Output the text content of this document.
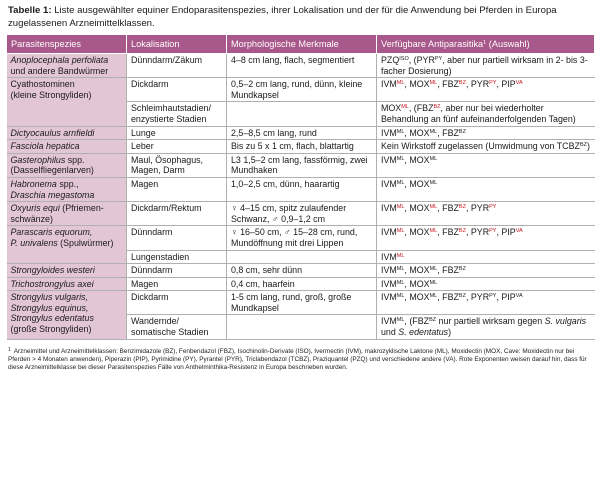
Tabelle 1: Liste ausgewählter equiner Endoparasitenspezies, ihrer Lokalisation und der für die Anwendung bei Pferden in Europa zugelassenen Arzneimittelklassen.
Parasitenspezies	Lokalisation	Morphologische Merkmale	Verfügbare Antiparasitika$^1$ (Auswahl)
Anoplocephala perfoliata
und andere Bandwürmer	Dünndarm/Zäkum	4–8 cm lang, flach, segmentiert	$PZQ^{ISO}$, ($PYR^{PY}$, aber nur partiell wirksam in 2- bis 3-facher Dosierung)
Cyathostominen
(kleine Strongyliden)	Dickdarm	0,5–2 cm lang, rund, dünn, kleine Mundkapsel	$IVM^{ML}$, $MOX^{ML}$, $FBZ^{BZ}$, $PYR^{PY}$, $PIP^{VA}$
	Schleimhautstadien/ enzystierte Stadien		$MOX^{ML}$, ($FBZ^{BZ}$, aber nur bei wiederholter Behandlung an fünf aufeinanderfolgenden Tagen)
Dictyocaulus arnfieldi	Lunge	2,5–8,5 cm lang, rund	$IVM^{ML}$, $MOX^{ML}$, $FBZ^{BZ}$
Fasciola hepatica	Leber	Bis zu 5 x 1 cm, flach, blattartig	Kein Wirkstoff zugelassen (Umwidmung von $TCBZ^{BZ}$)
Gasterophilus spp.
(Dasselfliegenlarven)	Maul, Ösophagus, Magen, Darm	L3 1,5–2 cm lang, fassförmig, zwei Mundhaken	$IVM^{ML}$, $MOX^{ML}$
Habronema spp.,
Draschia megastoma	Magen	1,0–2,5 cm, dünn, haarartig	$IVM^{ML}$, $MOX^{ML}$
Oxyuris equi (Pfriemen-
schwänze)	Dickdarm/Rektum	♀ 4–15 cm, spitz zulaufender Schwanz, ♂ 0,9–1,2 cm	$IVM^{ML}$, $MOX^{ML}$, $FBZ^{BZ}$, $PYR^{PY}$
Parascaris equorum,
P. univalens (Spulwürmer)	Dünndarm	♀ 16–50 cm, ♂ 15–28 cm, rund, Mundöffnung mit drei Lippen	$IVM^{ML}$, $MOX^{ML}$, $FBZ^{BZ}$, $PYR^{PY}$, $PIP^{VA}$
	Lungenstadien		$IVM^{ML}$
Strongyloides westeri	Dünndarm	0,8 cm, sehr dünn	$IVM^{ML}$, $MOX^{ML}$, $FBZ^{BZ}$
Trichostrongylus axei	Magen	0,4 cm, haarfein	$IVM^{ML}$, $MOX^{ML}$
Strongylus vulgaris,
Strongylus equinus,
Strongylus edentatus
(große Strongyliden)	Dickdarm	1-5 cm lang, rund, groß, große Mundkapsel	$IVM^{ML}$, $MOX^{ML}$, $FBZ^{BZ}$, $PYR^{PY}$, $PIP^{VA}$
	Wandernde/ somatische Stadien		$IVM^{ML}$, ($FBZ^{BZ}$ nur partiell wirksam gegen S. vulgaris und S. edentatus)
$^1$ Arzneimittel und Arzneimittelklassen: Benzimidazole (BZ), Fenbendazol (FBZ), Isochinolin-Derivate (ISO), Ivermectin (IVM), makrozyklische Laktone (ML), Moxidectin (MOX, Cave: Moxidectin nur bei Pferden > 4 Monaten anwenden), Piperazin (PIP), Pyrimidine (PY), Pyrantel (PYR), Triclabendazol (TCBZ), Praziquantel (PZQ) und verschiedene andere (VA). Rote Exponenten weisen darauf hin, dass für diese Arzneimittelklasse bei dieser Parasitenspezies Fälle von Anthelminthika-Resistenz in Europa beschrieben wurden.
